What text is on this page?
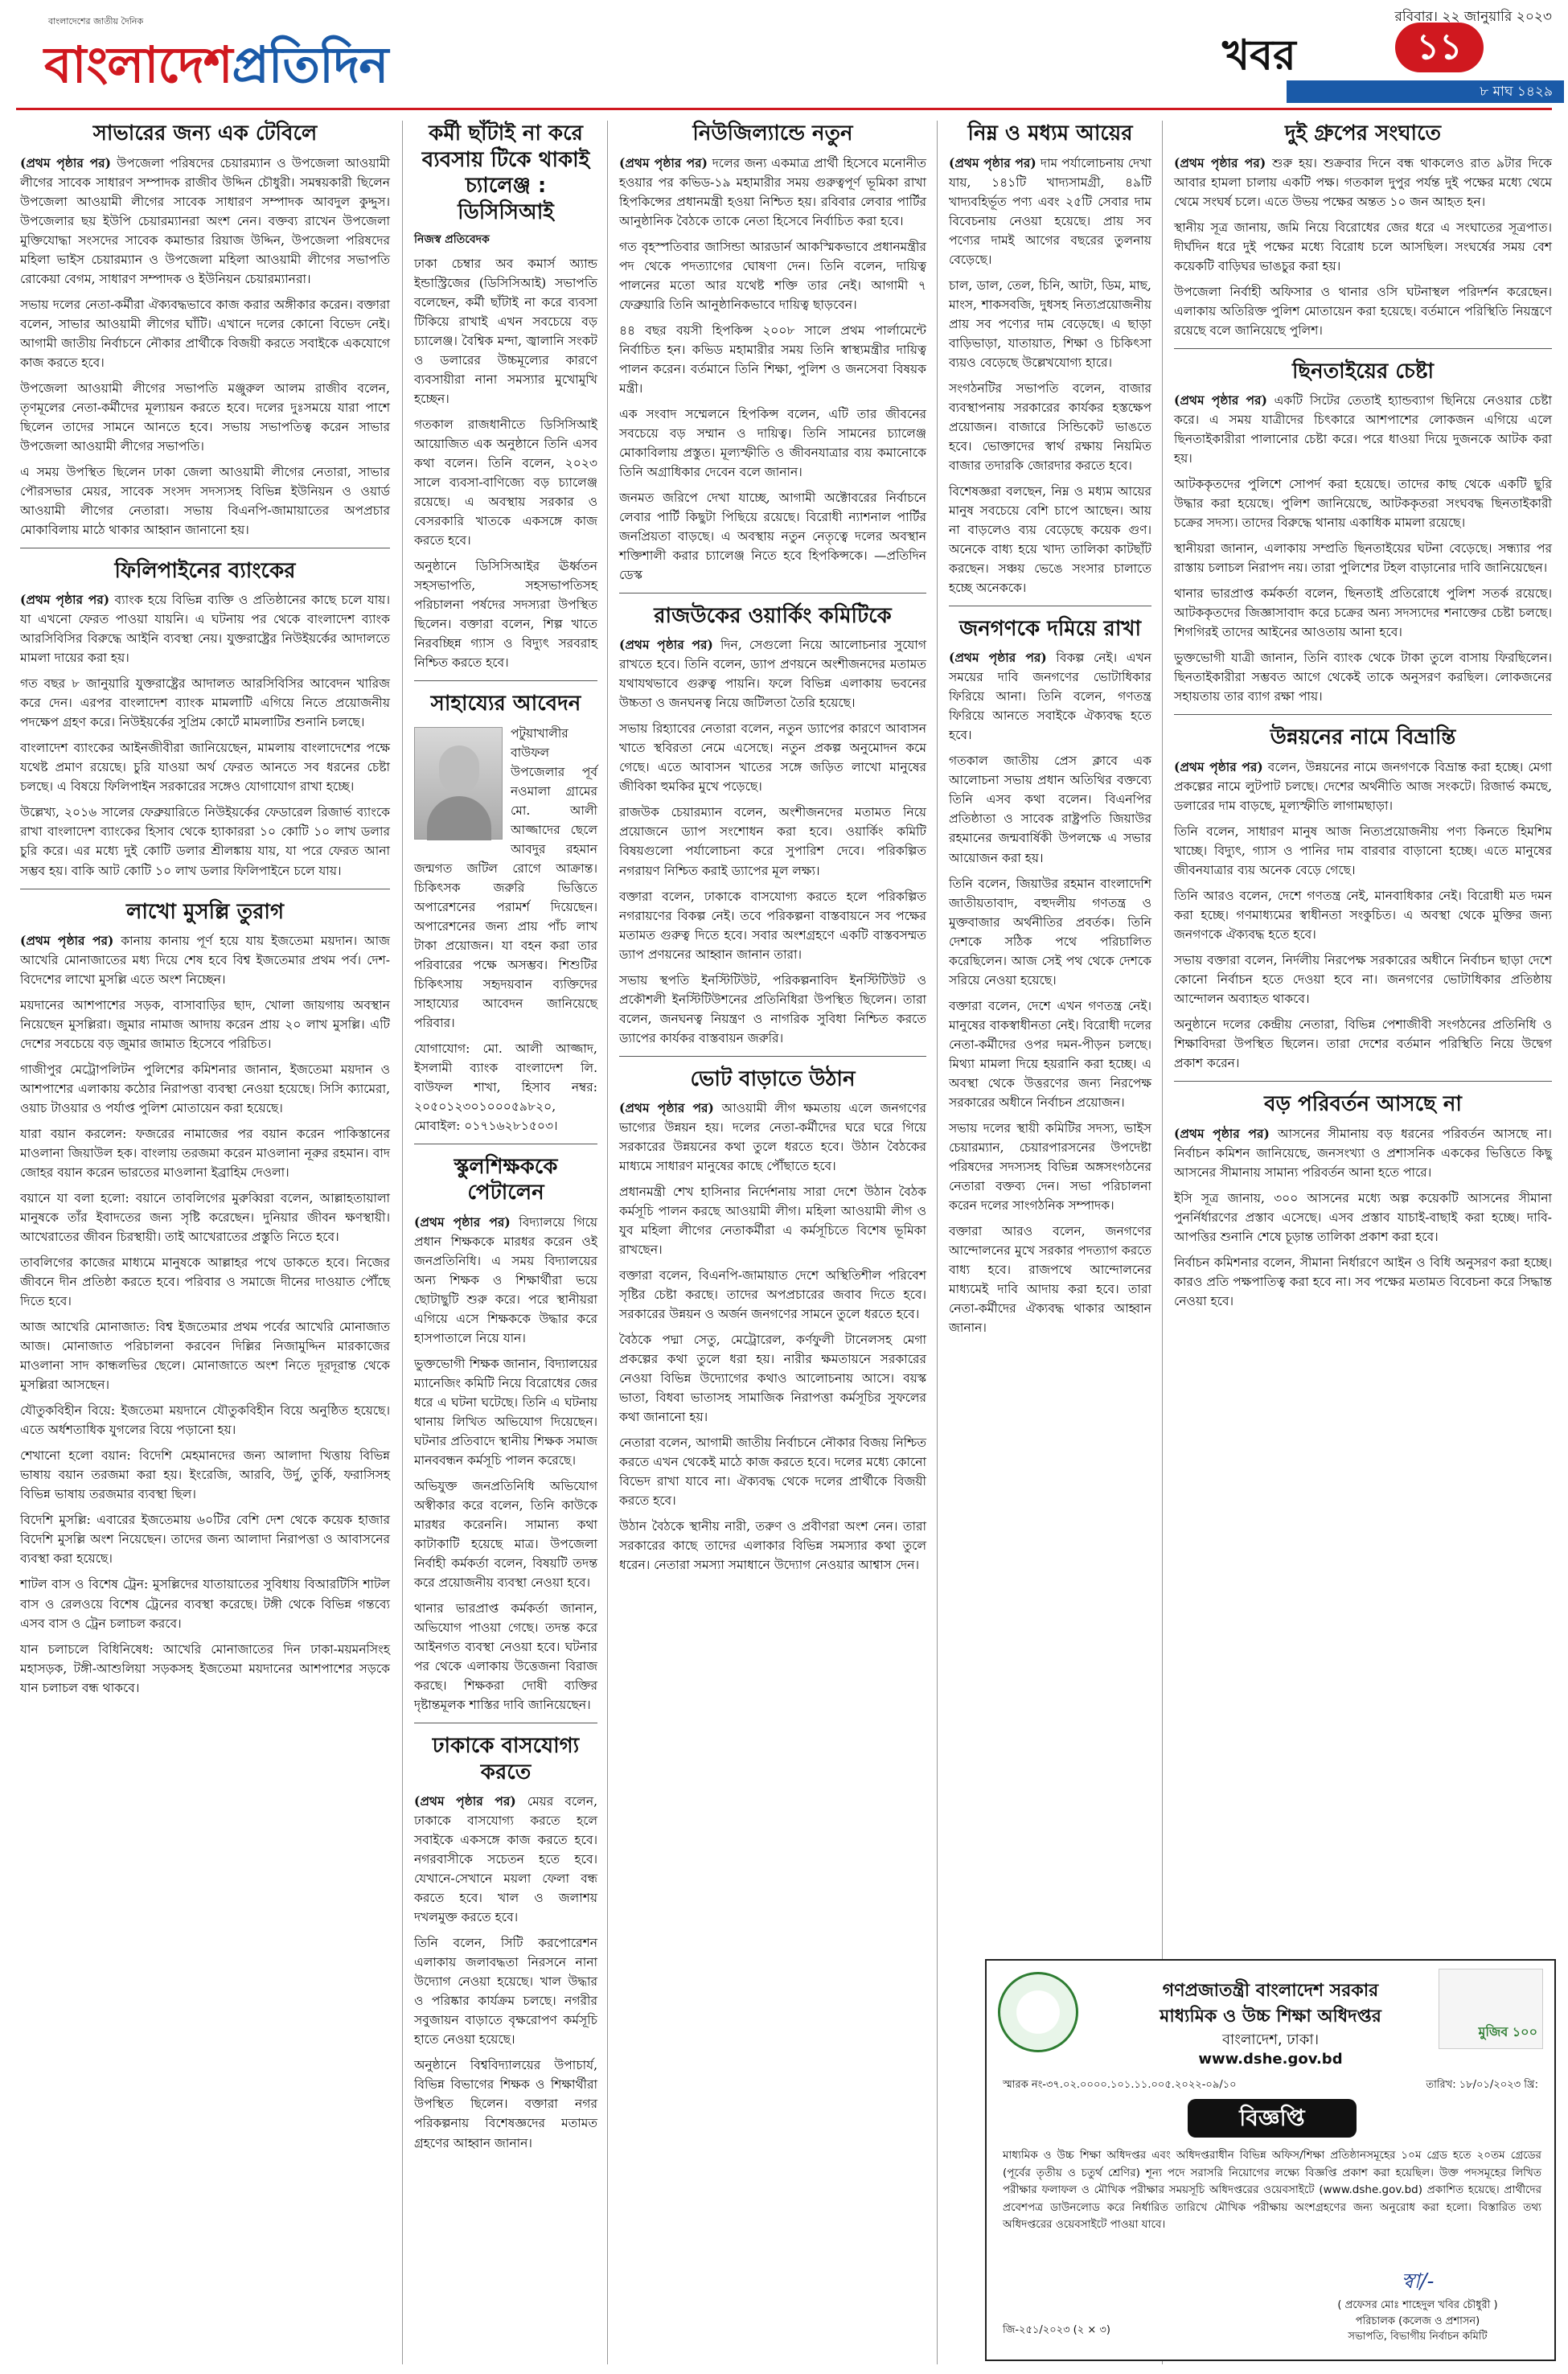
বাংলাদেশের জাতীয় দৈনিক
বাংলাদেশপ্রতিদিন	খবর	১১
রবিবার। ২২ জানুয়ারি ২০২৩
৮ মাঘ ১৪২৯
সাভারের জন্য এক টেবিলে
(প্রথম পৃষ্ঠার পর) উপজেলা পরিষদের চেয়ারম্যান ও উপজেলা আওয়ামী লীগের সাবেক সাধারণ সম্পাদক রাজীব উদ্দিন চৌধুরী। সমন্বয়কারী ছিলেন উপজেলা আওয়ামী লীগের সাবেক সাধারণ সম্পাদক আবদুল কুদ্দুস। উপজেলার ছয় ইউপি চেয়ারম্যানরা অংশ নেন। বক্তব্য রাখেন উপজেলা মুক্তিযোদ্ধা সংসদের সাবেক কমান্ডার রিয়াজ উদ্দিন, উপজেলা পরিষদের মহিলা ভাইস চেয়ারম্যান ও উপজেলা মহিলা আওয়ামী লীগের সভাপতি রোকেয়া বেগম, সাধারণ সম্পাদক ও ইউনিয়ন চেয়ারম্যানরা।
সভায় দলের নেতা-কর্মীরা ঐক্যবদ্ধভাবে কাজ করার অঙ্গীকার করেন। বক্তারা বলেন, সাভার আওয়ামী লীগের ঘাঁটি। এখানে দলের কোনো বিভেদ নেই। আগামী জাতীয় নির্বাচনে নৌকার প্রার্থীকে বিজয়ী করতে সবাইকে একযোগে কাজ করতে হবে।
উপজেলা আওয়ামী লীগের সভাপতি মঞ্জুরুল আলম রাজীব বলেন, তৃণমূলের নেতা-কর্মীদের মূল্যায়ন করতে হবে। দলের দুঃসময়ে যারা পাশে ছিলেন তাদের সামনে আনতে হবে। সভায় সভাপতিত্ব করেন সাভার উপজেলা আওয়ামী লীগের সভাপতি।
এ সময় উপস্থিত ছিলেন ঢাকা জেলা আওয়ামী লীগের নেতারা, সাভার পৌরসভার মেয়র, সাবেক সংসদ সদস্যসহ বিভিন্ন ইউনিয়ন ও ওয়ার্ড আওয়ামী লীগের নেতারা। সভায় বিএনপি-জামায়াতের অপপ্রচার মোকাবিলায় মাঠে থাকার আহ্বান জানানো হয়।
ফিলিপাইনের ব্যাংকের
(প্রথম পৃষ্ঠার পর) ব্যাংক হয়ে বিভিন্ন ব্যক্তি ও প্রতিষ্ঠানের কাছে চলে যায়। যা এখনো ফেরত পাওয়া যায়নি। এ ঘটনায় পর থেকে বাংলাদেশ ব্যাংক আরসিবিসির বিরুদ্ধে আইনি ব্যবস্থা নেয়। যুক্তরাষ্ট্রের নিউইয়র্কের আদালতে মামলা দায়ের করা হয়।
গত বছর ৮ জানুয়ারি যুক্তরাষ্ট্রের আদালত আরসিবিসির আবেদন খারিজ করে দেন। এরপর বাংলাদেশ ব্যাংক মামলাটি এগিয়ে নিতে প্রয়োজনীয় পদক্ষেপ গ্রহণ করে। নিউইয়র্কের সুপ্রিম কোর্টে মামলাটির শুনানি চলছে।
বাংলাদেশ ব্যাংকের আইনজীবীরা জানিয়েছেন, মামলায় বাংলাদেশের পক্ষে যথেষ্ট প্রমাণ রয়েছে। চুরি যাওয়া অর্থ ফেরত আনতে সব ধরনের চেষ্টা চলছে। এ বিষয়ে ফিলিপাইন সরকারের সঙ্গেও যোগাযোগ রাখা হচ্ছে।
উল্লেখ্য, ২০১৬ সালের ফেব্রুয়ারিতে নিউইয়র্কের ফেডারেল রিজার্ভ ব্যাংকে রাখা বাংলাদেশ ব্যাংকের হিসাব থেকে হ্যাকাররা ১০ কোটি ১০ লাখ ডলার চুরি করে। এর মধ্যে দুই কোটি ডলার শ্রীলঙ্কায় যায়, যা পরে ফেরত আনা সম্ভব হয়। বাকি আট কোটি ১০ লাখ ডলার ফিলিপাইনে চলে যায়।
লাখো মুসল্লি তুরাগ
(প্রথম পৃষ্ঠার পর) কানায় কানায় পূর্ণ হয়ে যায় ইজতেমা ময়দান। আজ আখেরি মোনাজাতের মধ্য দিয়ে শেষ হবে বিশ্ব ইজতেমার প্রথম পর্ব। দেশ-বিদেশের লাখো মুসল্লি এতে অংশ নিচ্ছেন।
ময়দানের আশপাশের সড়ক, বাসাবাড়ির ছাদ, খোলা জায়গায় অবস্থান নিয়েছেন মুসল্লিরা। জুমার নামাজ আদায় করেন প্রায় ২০ লাখ মুসল্লি। এটি দেশের সবচেয়ে বড় জুমার জামাত হিসেবে পরিচিত।
গাজীপুর মেট্রোপলিটন পুলিশের কমিশনার জানান, ইজতেমা ময়দান ও আশপাশের এলাকায় কঠোর নিরাপত্তা ব্যবস্থা নেওয়া হয়েছে। সিসি ক্যামেরা, ওয়াচ টাওয়ার ও পর্যাপ্ত পুলিশ মোতায়েন করা হয়েছে।
যারা বয়ান করলেন: ফজরের নামাজের পর বয়ান করেন পাকিস্তানের মাওলানা জিয়াউল হক। বাংলায় তরজমা করেন মাওলানা নূরুর রহমান। বাদ জোহর বয়ান করেন ভারতের মাওলানা ইব্রাহিম দেওলা।
বয়ানে যা বলা হলো: বয়ানে তাবলিগের মুরুব্বিরা বলেন, আল্লাহতায়ালা মানুষকে তাঁর ইবাদতের জন্য সৃষ্টি করেছেন। দুনিয়ার জীবন ক্ষণস্থায়ী। আখেরাতের জীবন চিরস্থায়ী। তাই আখেরাতের প্রস্তুতি নিতে হবে।
তাবলিগের কাজের মাধ্যমে মানুষকে আল্লাহর পথে ডাকতে হবে। নিজের জীবনে দীন প্রতিষ্ঠা করতে হবে। পরিবার ও সমাজে দীনের দাওয়াত পৌঁছে দিতে হবে।
আজ আখেরি মোনাজাত: বিশ্ব ইজতেমার প্রথম পর্বের আখেরি মোনাজাত আজ। মোনাজাত পরিচালনা করবেন দিল্লির নিজামুদ্দিন মারকাজের মাওলানা সাদ কান্ধলভির ছেলে। মোনাজাতে অংশ নিতে দূরদূরান্ত থেকে মুসল্লিরা আসছেন।
যৌতুকবিহীন বিয়ে: ইজতেমা ময়দানে যৌতুকবিহীন বিয়ে অনুষ্ঠিত হয়েছে। এতে অর্ধশতাধিক যুগলের বিয়ে পড়ানো হয়।
শেখানো হলো বয়ান: বিদেশি মেহমানদের জন্য আলাদা খিত্তায় বিভিন্ন ভাষায় বয়ান তরজমা করা হয়। ইংরেজি, আরবি, উর্দু, তুর্কি, ফরাসিসহ বিভিন্ন ভাষায় তরজমার ব্যবস্থা ছিল।
বিদেশি মুসল্লি: এবারের ইজতেমায় ৬০টির বেশি দেশ থেকে কয়েক হাজার বিদেশি মুসল্লি অংশ নিয়েছেন। তাদের জন্য আলাদা নিরাপত্তা ও আবাসনের ব্যবস্থা করা হয়েছে।
শাটল বাস ও বিশেষ ট্রেন: মুসল্লিদের যাতায়াতের সুবিধায় বিআরটিসি শাটল বাস ও রেলওয়ে বিশেষ ট্রেনের ব্যবস্থা করেছে। টঙ্গী থেকে বিভিন্ন গন্তব্যে এসব বাস ও ট্রেন চলাচল করবে।
যান চলাচলে বিধিনিষেধ: আখেরি মোনাজাতের দিন ঢাকা-ময়মনসিংহ মহাসড়ক, টঙ্গী-আশুলিয়া সড়কসহ ইজতেমা ময়দানের আশপাশের সড়কে যান চলাচল বন্ধ থাকবে।
কর্মী ছাঁটাই না করে ব্যবসায় টিকে থাকাই চ্যালেঞ্জ : ডিসিসিআই
নিজস্ব প্রতিবেদক
ঢাকা চেম্বার অব কমার্স অ্যান্ড ইন্ডাস্ট্রিজের (ডিসিসিআই) সভাপতি বলেছেন, কর্মী ছাঁটাই না করে ব্যবসা টিকিয়ে রাখাই এখন সবচেয়ে বড় চ্যালেঞ্জ। বৈশ্বিক মন্দা, জ্বালানি সংকট ও ডলারের উচ্চমূল্যের কারণে ব্যবসায়ীরা নানা সমস্যার মুখোমুখি হচ্ছেন।
গতকাল রাজধানীতে ডিসিসিআই আয়োজিত এক অনুষ্ঠানে তিনি এসব কথা বলেন। তিনি বলেন, ২০২৩ সালে ব্যবসা-বাণিজ্যে বড় চ্যালেঞ্জ রয়েছে। এ অবস্থায় সরকার ও বেসরকারি খাতকে একসঙ্গে কাজ করতে হবে।
অনুষ্ঠানে ডিসিসিআইর ঊর্ধ্বতন সহসভাপতি, সহসভাপতিসহ পরিচালনা পর্ষদের সদস্যরা উপস্থিত ছিলেন। বক্তারা বলেন, শিল্প খাতে নিরবচ্ছিন্ন গ্যাস ও বিদ্যুৎ সরবরাহ নিশ্চিত করতে হবে।
সাহায্যের আবেদন
পটুয়াখালীর বাউফল উপজেলার পূর্ব নওমালা গ্রামের মো. আলী আজ্জাদের ছেলে আবদুর রহমান জন্মগত জটিল রোগে আক্রান্ত। চিকিৎসক জরুরি ভিত্তিতে অপারেশনের পরামর্শ দিয়েছেন। অপারেশনের জন্য প্রায় পাঁচ লাখ টাকা প্রয়োজন। যা বহন করা তার পরিবারের পক্ষে অসম্ভব। শিশুটির চিকিৎসায় সহৃদয়বান ব্যক্তিদের সাহায্যের আবেদন জানিয়েছে পরিবার।
যোগাযোগ: মো. আলী আজ্জাদ, ইসলামী ব্যাংক বাংলাদেশ লি. বাউফল শাখা, হিসাব নম্বর: ২০৫০১২৩০১০০০৫৯৮২০, মোবাইল: ০১৭১৬২৮১৫০৩।
স্কুলশিক্ষককে পেটালেন
(প্রথম পৃষ্ঠার পর) বিদ্যালয়ে গিয়ে প্রধান শিক্ষককে মারধর করেন ওই জনপ্রতিনিধি। এ সময় বিদ্যালয়ের অন্য শিক্ষক ও শিক্ষার্থীরা ভয়ে ছোটাছুটি শুরু করে। পরে স্থানীয়রা এগিয়ে এসে শিক্ষককে উদ্ধার করে হাসপাতালে নিয়ে যান।
ভুক্তভোগী শিক্ষক জানান, বিদ্যালয়ের ম্যানেজিং কমিটি নিয়ে বিরোধের জের ধরে এ ঘটনা ঘটেছে। তিনি এ ঘটনায় থানায় লিখিত অভিযোগ দিয়েছেন। ঘটনার প্রতিবাদে স্থানীয় শিক্ষক সমাজ মানববন্ধন কর্মসূচি পালন করেছে।
অভিযুক্ত জনপ্রতিনিধি অভিযোগ অস্বীকার করে বলেন, তিনি কাউকে মারধর করেননি। সামান্য কথা কাটাকাটি হয়েছে মাত্র। উপজেলা নির্বাহী কর্মকর্তা বলেন, বিষয়টি তদন্ত করে প্রয়োজনীয় ব্যবস্থা নেওয়া হবে।
থানার ভারপ্রাপ্ত কর্মকর্তা জানান, অভিযোগ পাওয়া গেছে। তদন্ত করে আইনগত ব্যবস্থা নেওয়া হবে। ঘটনার পর থেকে এলাকায় উত্তেজনা বিরাজ করছে। শিক্ষকরা দোষী ব্যক্তির দৃষ্টান্তমূলক শাস্তির দাবি জানিয়েছেন।
ঢাকাকে বাসযোগ্য করতে
(প্রথম পৃষ্ঠার পর) মেয়র বলেন, ঢাকাকে বাসযোগ্য করতে হলে সবাইকে একসঙ্গে কাজ করতে হবে। নগরবাসীকে সচেতন হতে হবে। যেখানে-সেখানে ময়লা ফেলা বন্ধ করতে হবে। খাল ও জলাশয় দখলমুক্ত করতে হবে।
তিনি বলেন, সিটি করপোরেশন এলাকায় জলাবদ্ধতা নিরসনে নানা উদ্যোগ নেওয়া হয়েছে। খাল উদ্ধার ও পরিষ্কার কার্যক্রম চলছে। নগরীর সবুজায়ন বাড়াতে বৃক্ষরোপণ কর্মসূচি হাতে নেওয়া হয়েছে।
অনুষ্ঠানে বিশ্ববিদ্যালয়ের উপাচার্য, বিভিন্ন বিভাগের শিক্ষক ও শিক্ষার্থীরা উপস্থিত ছিলেন। বক্তারা নগর পরিকল্পনায় বিশেষজ্ঞদের মতামত গ্রহণের আহ্বান জানান।
নিউজিল্যান্ডে নতুন
(প্রথম পৃষ্ঠার পর) দলের জন্য একমাত্র প্রার্থী হিসেবে মনোনীত হওয়ার পর কভিড-১৯ মহামারীর সময় গুরুত্বপূর্ণ ভূমিকা রাখা হিপকিন্সের প্রধানমন্ত্রী হওয়া নিশ্চিত হয়। রবিবার লেবার পার্টির আনুষ্ঠানিক বৈঠকে তাকে নেতা হিসেবে নির্বাচিত করা হবে।
গত বৃহস্পতিবার জাসিন্ডা আরডার্ন আকস্মিকভাবে প্রধানমন্ত্রীর পদ থেকে পদত্যাগের ঘোষণা দেন। তিনি বলেন, দায়িত্ব পালনের মতো আর যথেষ্ট শক্তি তার নেই। আগামী ৭ ফেব্রুয়ারি তিনি আনুষ্ঠানিকভাবে দায়িত্ব ছাড়বেন।
৪৪ বছর বয়সী হিপকিন্স ২০০৮ সালে প্রথম পার্লামেন্টে নির্বাচিত হন। কভিড মহামারীর সময় তিনি স্বাস্থ্যমন্ত্রীর দায়িত্ব পালন করেন। বর্তমানে তিনি শিক্ষা, পুলিশ ও জনসেবা বিষয়ক মন্ত্রী।
এক সংবাদ সম্মেলনে হিপকিন্স বলেন, এটি তার জীবনের সবচেয়ে বড় সম্মান ও দায়িত্ব। তিনি সামনের চ্যালেঞ্জ মোকাবিলায় প্রস্তুত। মূল্যস্ফীতি ও জীবনযাত্রার ব্যয় কমানোকে তিনি অগ্রাধিকার দেবেন বলে জানান।
জনমত জরিপে দেখা যাচ্ছে, আগামী অক্টোবরের নির্বাচনে লেবার পার্টি কিছুটা পিছিয়ে রয়েছে। বিরোধী ন্যাশনাল পার্টির জনপ্রিয়তা বাড়ছে। এ অবস্থায় নতুন নেতৃত্বে দলের অবস্থান শক্তিশালী করার চ্যালেঞ্জ নিতে হবে হিপকিন্সকে। —প্রতিদিন ডেস্ক
রাজউকের ওয়ার্কিং কমিটিকে
(প্রথম পৃষ্ঠার পর) দিন, সেগুলো নিয়ে আলোচনার সুযোগ রাখতে হবে। তিনি বলেন, ড্যাপ প্রণয়নে অংশীজনদের মতামত যথাযথভাবে গুরুত্ব পায়নি। ফলে বিভিন্ন এলাকায় ভবনের উচ্চতা ও জনঘনত্ব নিয়ে জটিলতা তৈরি হয়েছে।
সভায় রিহ্যাবের নেতারা বলেন, নতুন ড্যাপের কারণে আবাসন খাতে স্থবিরতা নেমে এসেছে। নতুন প্রকল্প অনুমোদন কমে গেছে। এতে আবাসন খাতের সঙ্গে জড়িত লাখো মানুষের জীবিকা হুমকির মুখে পড়েছে।
রাজউক চেয়ারম্যান বলেন, অংশীজনদের মতামত নিয়ে প্রয়োজনে ড্যাপ সংশোধন করা হবে। ওয়ার্কিং কমিটি বিষয়গুলো পর্যালোচনা করে সুপারিশ দেবে। পরিকল্পিত নগরায়ণ নিশ্চিত করাই ড্যাপের মূল লক্ষ্য।
বক্তারা বলেন, ঢাকাকে বাসযোগ্য করতে হলে পরিকল্পিত নগরায়ণের বিকল্প নেই। তবে পরিকল্পনা বাস্তবায়নে সব পক্ষের মতামত গুরুত্ব দিতে হবে। সবার অংশগ্রহণে একটি বাস্তবসম্মত ড্যাপ প্রণয়নের আহ্বান জানান তারা।
সভায় স্থপতি ইনস্টিটিউট, পরিকল্পনাবিদ ইনস্টিটিউট ও প্রকৌশলী ইনস্টিটিউশনের প্রতিনিধিরা উপস্থিত ছিলেন। তারা বলেন, জনঘনত্ব নিয়ন্ত্রণ ও নাগরিক সুবিধা নিশ্চিত করতে ড্যাপের কার্যকর বাস্তবায়ন জরুরি।
ভোট বাড়াতে উঠান
(প্রথম পৃষ্ঠার পর) আওয়ামী লীগ ক্ষমতায় এলে জনগণের ভাগ্যের উন্নয়ন হয়। দলের নেতা-কর্মীদের ঘরে ঘরে গিয়ে সরকারের উন্নয়নের কথা তুলে ধরতে হবে। উঠান বৈঠকের মাধ্যমে সাধারণ মানুষের কাছে পৌঁছাতে হবে।
প্রধানমন্ত্রী শেখ হাসিনার নির্দেশনায় সারা দেশে উঠান বৈঠক কর্মসূচি পালন করছে আওয়ামী লীগ। মহিলা আওয়ামী লীগ ও যুব মহিলা লীগের নেতাকর্মীরা এ কর্মসূচিতে বিশেষ ভূমিকা রাখছেন।
বক্তারা বলেন, বিএনপি-জামায়াত দেশে অস্থিতিশীল পরিবেশ সৃষ্টির চেষ্টা করছে। তাদের অপপ্রচারের জবাব দিতে হবে। সরকারের উন্নয়ন ও অর্জন জনগণের সামনে তুলে ধরতে হবে।
বৈঠকে পদ্মা সেতু, মেট্রোরেল, কর্ণফুলী টানেলসহ মেগা প্রকল্পের কথা তুলে ধরা হয়। নারীর ক্ষমতায়নে সরকারের নেওয়া বিভিন্ন উদ্যোগের কথাও আলোচনায় আসে। বয়স্ক ভাতা, বিধবা ভাতাসহ সামাজিক নিরাপত্তা কর্মসূচির সুফলের কথা জানানো হয়।
নেতারা বলেন, আগামী জাতীয় নির্বাচনে নৌকার বিজয় নিশ্চিত করতে এখন থেকেই মাঠে কাজ করতে হবে। দলের মধ্যে কোনো বিভেদ রাখা যাবে না। ঐক্যবদ্ধ থেকে দলের প্রার্থীকে বিজয়ী করতে হবে।
উঠান বৈঠকে স্থানীয় নারী, তরুণ ও প্রবীণরা অংশ নেন। তারা সরকারের কাছে তাদের এলাকার বিভিন্ন সমস্যার কথা তুলে ধরেন। নেতারা সমস্যা সমাধানে উদ্যোগ নেওয়ার আশ্বাস দেন।
নিম্ন ও মধ্যম আয়ের
(প্রথম পৃষ্ঠার পর) দাম পর্যালোচনায় দেখা যায়, ১৪১টি খাদ্যসামগ্রী, ৪৯টি খাদ্যবহির্ভূত পণ্য এবং ২৫টি সেবার দাম বিবেচনায় নেওয়া হয়েছে। প্রায় সব পণ্যের দামই আগের বছরের তুলনায় বেড়েছে।
চাল, ডাল, তেল, চিনি, আটা, ডিম, মাছ, মাংস, শাকসবজি, দুধসহ নিত্যপ্রয়োজনীয় প্রায় সব পণ্যের দাম বেড়েছে। এ ছাড়া বাড়িভাড়া, যাতায়াত, শিক্ষা ও চিকিৎসা ব্যয়ও বেড়েছে উল্লেখযোগ্য হারে।
সংগঠনটির সভাপতি বলেন, বাজার ব্যবস্থাপনায় সরকারের কার্যকর হস্তক্ষেপ প্রয়োজন। বাজারে সিন্ডিকেট ভাঙতে হবে। ভোক্তাদের স্বার্থ রক্ষায় নিয়মিত বাজার তদারকি জোরদার করতে হবে।
বিশেষজ্ঞরা বলছেন, নিম্ন ও মধ্যম আয়ের মানুষ সবচেয়ে বেশি চাপে আছেন। আয় না বাড়লেও ব্যয় বেড়েছে কয়েক গুণ। অনেকে বাধ্য হয়ে খাদ্য তালিকা কাটছাঁট করছেন। সঞ্চয় ভেঙে সংসার চালাতে হচ্ছে অনেককে।
জনগণকে দমিয়ে রাখা
(প্রথম পৃষ্ঠার পর) বিকল্প নেই। এখন সময়ের দাবি জনগণের ভোটাধিকার ফিরিয়ে আনা। তিনি বলেন, গণতন্ত্র ফিরিয়ে আনতে সবাইকে ঐক্যবদ্ধ হতে হবে।
গতকাল জাতীয় প্রেস ক্লাবে এক আলোচনা সভায় প্রধান অতিথির বক্তব্যে তিনি এসব কথা বলেন। বিএনপির প্রতিষ্ঠাতা ও সাবেক রাষ্ট্রপতি জিয়াউর রহমানের জন্মবার্ষিকী উপলক্ষে এ সভার আয়োজন করা হয়।
তিনি বলেন, জিয়াউর রহমান বাংলাদেশি জাতীয়তাবাদ, বহুদলীয় গণতন্ত্র ও মুক্তবাজার অর্থনীতির প্রবর্তক। তিনি দেশকে সঠিক পথে পরিচালিত করেছিলেন। আজ সেই পথ থেকে দেশকে সরিয়ে নেওয়া হয়েছে।
বক্তারা বলেন, দেশে এখন গণতন্ত্র নেই। মানুষের বাকস্বাধীনতা নেই। বিরোধী দলের নেতা-কর্মীদের ওপর দমন-পীড়ন চলছে। মিথ্যা মামলা দিয়ে হয়রানি করা হচ্ছে। এ অবস্থা থেকে উত্তরণের জন্য নিরপেক্ষ সরকারের অধীনে নির্বাচন প্রয়োজন।
সভায় দলের স্থায়ী কমিটির সদস্য, ভাইস চেয়ারম্যান, চেয়ারপারসনের উপদেষ্টা পরিষদের সদস্যসহ বিভিন্ন অঙ্গসংগঠনের নেতারা বক্তব্য দেন। সভা পরিচালনা করেন দলের সাংগঠনিক সম্পাদক।
বক্তারা আরও বলেন, জনগণের আন্দোলনের মুখে সরকার পদত্যাগ করতে বাধ্য হবে। রাজপথে আন্দোলনের মাধ্যমেই দাবি আদায় করা হবে। তারা নেতা-কর্মীদের ঐক্যবদ্ধ থাকার আহ্বান জানান।
দুই গ্রুপের সংঘাতে
(প্রথম পৃষ্ঠার পর) শুরু হয়। শুক্রবার দিনে বন্ধ থাকলেও রাত ৯টার দিকে আবার হামলা চালায় একটি পক্ষ। গতকাল দুপুর পর্যন্ত দুই পক্ষের মধ্যে থেমে থেমে সংঘর্ষ চলে। এতে উভয় পক্ষের অন্তত ১০ জন আহত হন।
স্থানীয় সূত্র জানায়, জমি নিয়ে বিরোধের জের ধরে এ সংঘাতের সূত্রপাত। দীর্ঘদিন ধরে দুই পক্ষের মধ্যে বিরোধ চলে আসছিল। সংঘর্ষের সময় বেশ কয়েকটি বাড়িঘর ভাঙচুর করা হয়।
উপজেলা নির্বাহী অফিসার ও থানার ওসি ঘটনাস্থল পরিদর্শন করেছেন। এলাকায় অতিরিক্ত পুলিশ মোতায়েন করা হয়েছে। বর্তমানে পরিস্থিতি নিয়ন্ত্রণে রয়েছে বলে জানিয়েছে পুলিশ।
ছিনতাইয়ের চেষ্টা
(প্রথম পৃষ্ঠার পর) একটি সিটের তেতাই হ্যান্ডব্যাগ ছিনিয়ে নেওয়ার চেষ্টা করে। এ সময় যাত্রীদের চিৎকারে আশপাশের লোকজন এগিয়ে এলে ছিনতাইকারীরা পালানোর চেষ্টা করে। পরে ধাওয়া দিয়ে দুজনকে আটক করা হয়।
আটককৃতদের পুলিশে সোপর্দ করা হয়েছে। তাদের কাছ থেকে একটি ছুরি উদ্ধার করা হয়েছে। পুলিশ জানিয়েছে, আটককৃতরা সংঘবদ্ধ ছিনতাইকারী চক্রের সদস্য। তাদের বিরুদ্ধে থানায় একাধিক মামলা রয়েছে।
স্থানীয়রা জানান, এলাকায় সম্প্রতি ছিনতাইয়ের ঘটনা বেড়েছে। সন্ধ্যার পর রাস্তায় চলাচল নিরাপদ নয়। তারা পুলিশের টহল বাড়ানোর দাবি জানিয়েছেন।
থানার ভারপ্রাপ্ত কর্মকর্তা বলেন, ছিনতাই প্রতিরোধে পুলিশ সতর্ক রয়েছে। আটককৃতদের জিজ্ঞাসাবাদ করে চক্রের অন্য সদস্যদের শনাক্তের চেষ্টা চলছে। শিগগিরই তাদের আইনের আওতায় আনা হবে।
ভুক্তভোগী যাত্রী জানান, তিনি ব্যাংক থেকে টাকা তুলে বাসায় ফিরছিলেন। ছিনতাইকারীরা সম্ভবত আগে থেকেই তাকে অনুসরণ করছিল। লোকজনের সহায়তায় তার ব্যাগ রক্ষা পায়।
উন্নয়নের নামে বিভ্রান্তি
(প্রথম পৃষ্ঠার পর) বলেন, উন্নয়নের নামে জনগণকে বিভ্রান্ত করা হচ্ছে। মেগা প্রকল্পের নামে লুটপাট চলছে। দেশের অর্থনীতি আজ সংকটে। রিজার্ভ কমছে, ডলারের দাম বাড়ছে, মূল্যস্ফীতি লাগামছাড়া।
তিনি বলেন, সাধারণ মানুষ আজ নিত্যপ্রয়োজনীয় পণ্য কিনতে হিমশিম খাচ্ছে। বিদ্যুৎ, গ্যাস ও পানির দাম বারবার বাড়ানো হচ্ছে। এতে মানুষের জীবনযাত্রার ব্যয় অনেক বেড়ে গেছে।
তিনি আরও বলেন, দেশে গণতন্ত্র নেই, মানবাধিকার নেই। বিরোধী মত দমন করা হচ্ছে। গণমাধ্যমের স্বাধীনতা সংকুচিত। এ অবস্থা থেকে মুক্তির জন্য জনগণকে ঐক্যবদ্ধ হতে হবে।
সভায় বক্তারা বলেন, নির্দলীয় নিরপেক্ষ সরকারের অধীনে নির্বাচন ছাড়া দেশে কোনো নির্বাচন হতে দেওয়া হবে না। জনগণের ভোটাধিকার প্রতিষ্ঠায় আন্দোলন অব্যাহত থাকবে।
অনুষ্ঠানে দলের কেন্দ্রীয় নেতারা, বিভিন্ন পেশাজীবী সংগঠনের প্রতিনিধি ও শিক্ষাবিদরা উপস্থিত ছিলেন। তারা দেশের বর্তমান পরিস্থিতি নিয়ে উদ্বেগ প্রকাশ করেন।
বড় পরিবর্তন আসছে না
(প্রথম পৃষ্ঠার পর) আসনের সীমানায় বড় ধরনের পরিবর্তন আসছে না। নির্বাচন কমিশন জানিয়েছে, জনসংখ্যা ও প্রশাসনিক এককের ভিত্তিতে কিছু আসনের সীমানায় সামান্য পরিবর্তন আনা হতে পারে।
ইসি সূত্র জানায়, ৩০০ আসনের মধ্যে অল্প কয়েকটি আসনের সীমানা পুনর্নির্ধারণের প্রস্তাব এসেছে। এসব প্রস্তাব যাচাই-বাছাই করা হচ্ছে। দাবি-আপত্তির শুনানি শেষে চূড়ান্ত তালিকা প্রকাশ করা হবে।
নির্বাচন কমিশনার বলেন, সীমানা নির্ধারণে আইন ও বিধি অনুসরণ করা হচ্ছে। কারও প্রতি পক্ষপাতিত্ব করা হবে না। সব পক্ষের মতামত বিবেচনা করে সিদ্ধান্ত নেওয়া হবে।
মুজিব ১০০
গণপ্রজাতন্ত্রী বাংলাদেশ সরকার
মাধ্যমিক ও উচ্চ শিক্ষা অধিদপ্তর
বাংলাদেশ, ঢাকা।
www.dshe.gov.bd
স্মারক নং-৩৭.০২.০০০০.১০১.১১.০০৫.২০২২-০৯/১০	তারিখ: ১৮/০১/২০২৩ খ্রি:
বিজ্ঞপ্তি
মাধ্যমিক ও উচ্চ শিক্ষা অধিদপ্তর এবং অধিদপ্তরাধীন বিভিন্ন অফিস/শিক্ষা প্রতিষ্ঠানসমূহের ১০ম গ্রেড হতে ২০তম গ্রেডের (পূর্বের তৃতীয় ও চতুর্থ শ্রেণির) শূন্য পদে সরাসরি নিয়োগের লক্ষ্যে বিজ্ঞপ্তি প্রকাশ করা হয়েছিল। উক্ত পদসমূহের লিখিত পরীক্ষার ফলাফল ও মৌখিক পরীক্ষার সময়সূচি অধিদপ্তরের ওয়েবসাইটে (www.dshe.gov.bd) প্রকাশিত হয়েছে। প্রার্থীদের প্রবেশপত্র ডাউনলোড করে নির্ধারিত তারিখে মৌখিক পরীক্ষায় অংশগ্রহণের জন্য অনুরোধ করা হলো। বিস্তারিত তথ্য অধিদপ্তরের ওয়েবসাইটে পাওয়া যাবে।
স্বা/-
( প্রফেসর মোঃ শাহেদুল খবির চৌধুরী )
পরিচালক (কলেজ ও প্রশাসন)
সভাপতি, বিভাগীয় নির্বাচন কমিটি
জি-২৫১/২০২৩ (২ × ৩)
